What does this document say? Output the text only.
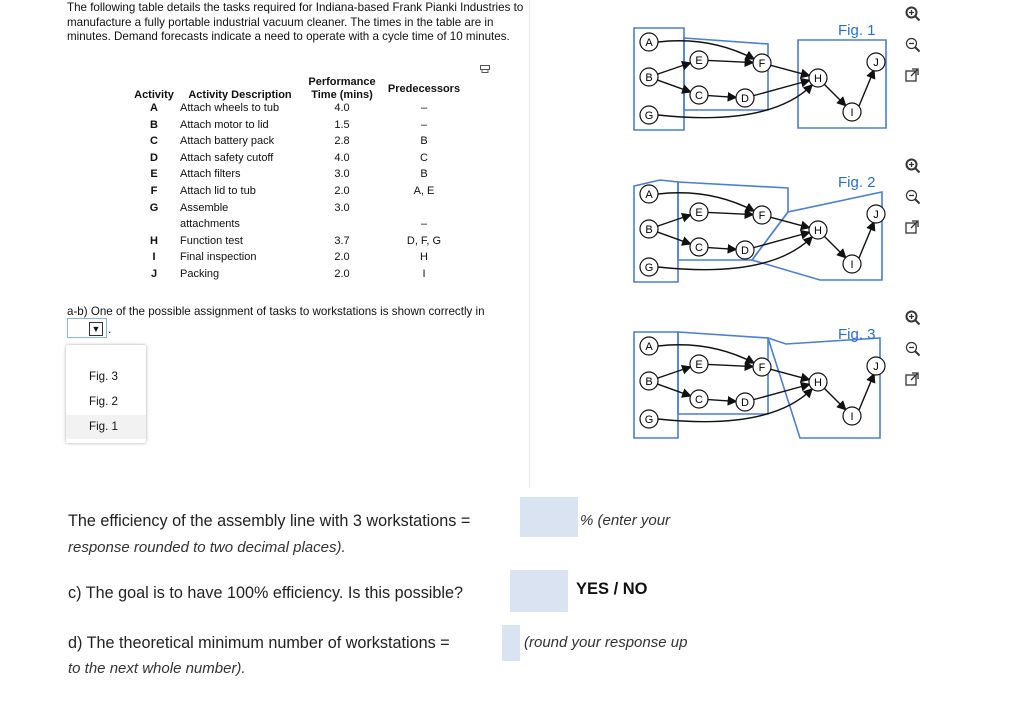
The following table details the tasks required for Indiana-based Frank Pianki Industries to manufacture a fully portable industrial vacuum cleaner. The times in the table are in minutes. Demand forecasts indicate a need to operate with a cycle time of 10 minutes.
Activity	Activity Description	Performance
Time (mins)	Predecessors
A	Attach wheels to tub	4.0	–
B	Attach motor to lid	1.5	–
C	Attach battery pack	2.8	B
D	Attach safety cutoff	4.0	C
E	Attach filters	3.0	B
F	Attach lid to tub	2.0	A, E
G	Assemble	3.0	
	attachments		–
H	Function test	3.7	D, F, G
I	Final inspection	2.0	H
J	Packing	2.0	I
a-b) One of the possible assignment of tasks to workstations is shown correctly in
▼ .
Fig. 3
Fig. 2
Fig. 1
A
B
C	D
E	F
G
H
I
J
A
B
C	D
E	F
G
H
I
J
A
B
C	D
E	F
G
H
I
J
Fig. 1
Fig. 2
Fig. 3
The efficiency of the assembly line with 3 workstations =	% (enter your
response rounded to two decimal places).
c) The goal is to have 100% efficiency. Is this possible?	YES / NO
d) The theoretical minimum number of workstations =	(round your response up
to the next whole number).
